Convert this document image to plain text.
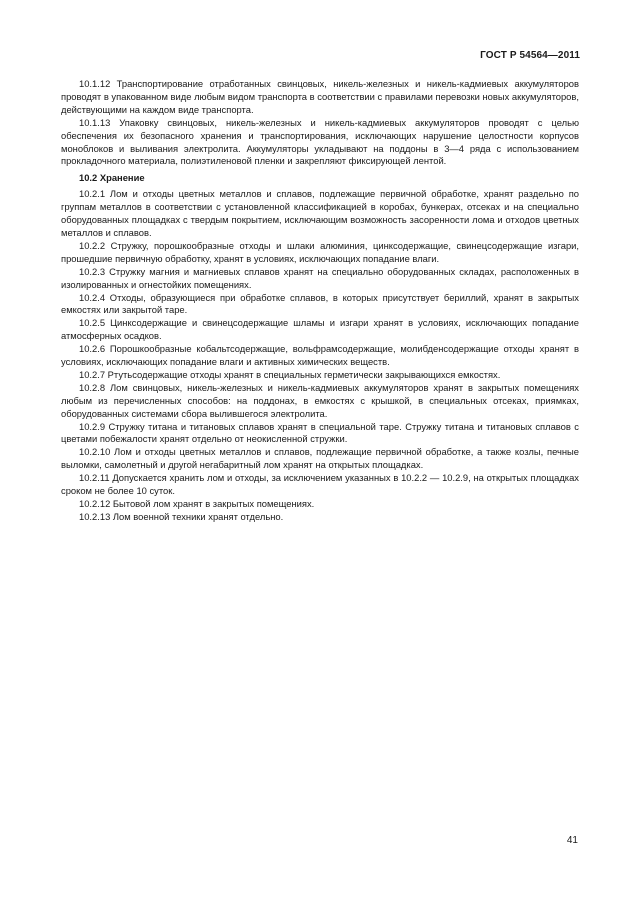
ГОСТ Р 54564—2011

10.1.12 Транспортирование отработанных свинцовых, никель-железных и никель-кадмиевых аккумуляторов проводят в упакованном виде любым видом транспорта в соответствии с правилами перевозки новых аккумуляторов, действующими на каждом виде транспорта.

10.1.13 Упаковку свинцовых, никель-железных и никель-кадмиевых аккумуляторов проводят с целью обеспечения их безопасного хранения и транспортирования, исключающих нарушение целостности корпусов моноблоков и выливания электролита. Аккумуляторы укладывают на поддоны в 3—4 ряда с использованием прокладочного материала, полиэтиленовой пленки и закрепляют фиксирующей лентой.

10.2 Хранение

10.2.1 Лом и отходы цветных металлов и сплавов, подлежащие первичной обработке, хранят раздельно по группам металлов в соответствии с установленной классификацией в коробах, бункерах, отсеках и на специально оборудованных площадках с твердым покрытием, исключающим возможность засоренности лома и отходов цветных металлов и сплавов.

10.2.2 Стружку, порошкообразные отходы и шлаки алюминия, цинксодержащие, свинецсодержащие изгари, прошедшие первичную обработку, хранят в условиях, исключающих попадание влаги.

10.2.3 Стружку магния и магниевых сплавов хранят на специально оборудованных складах, расположенных в изолированных и огнестойких помещениях.

10.2.4 Отходы, образующиеся при обработке сплавов, в которых присутствует бериллий, хранят в закрытых емкостях или закрытой таре.

10.2.5 Цинксодержащие и свинецсодержащие шламы и изгари хранят в условиях, исключающих попадание атмосферных осадков.

10.2.6 Порошкообразные кобальтсодержащие, вольфрамсодержащие, молибденсодержащие отходы хранят в условиях, исключающих попадание влаги и активных химических веществ.

10.2.7 Ртутьсодержащие отходы хранят в специальных герметически закрывающихся емкостях.

10.2.8 Лом свинцовых, никель-железных и никель-кадмиевых аккумуляторов хранят в закрытых помещениях любым из перечисленных способов: на поддонах, в емкостях с крышкой, в специальных отсеках, приямках, оборудованных системами сбора вылившегося электролита.

10.2.9 Стружку титана и титановых сплавов хранят в специальной таре. Стружку титана и титановых сплавов с цветами побежалости хранят отдельно от неокисленной стружки.

10.2.10 Лом и отходы цветных металлов и сплавов, подлежащие первичной обработке, а также козлы, печные выломки, самолетный и другой негабаритный лом хранят на открытых площадках.

10.2.11 Допускается хранить лом и отходы, за исключением указанных в 10.2.2 — 10.2.9, на открытых площадках сроком не более 10 суток.

10.2.12 Бытовой лом хранят в закрытых помещениях.

10.2.13 Лом военной техники хранят отдельно.

41
